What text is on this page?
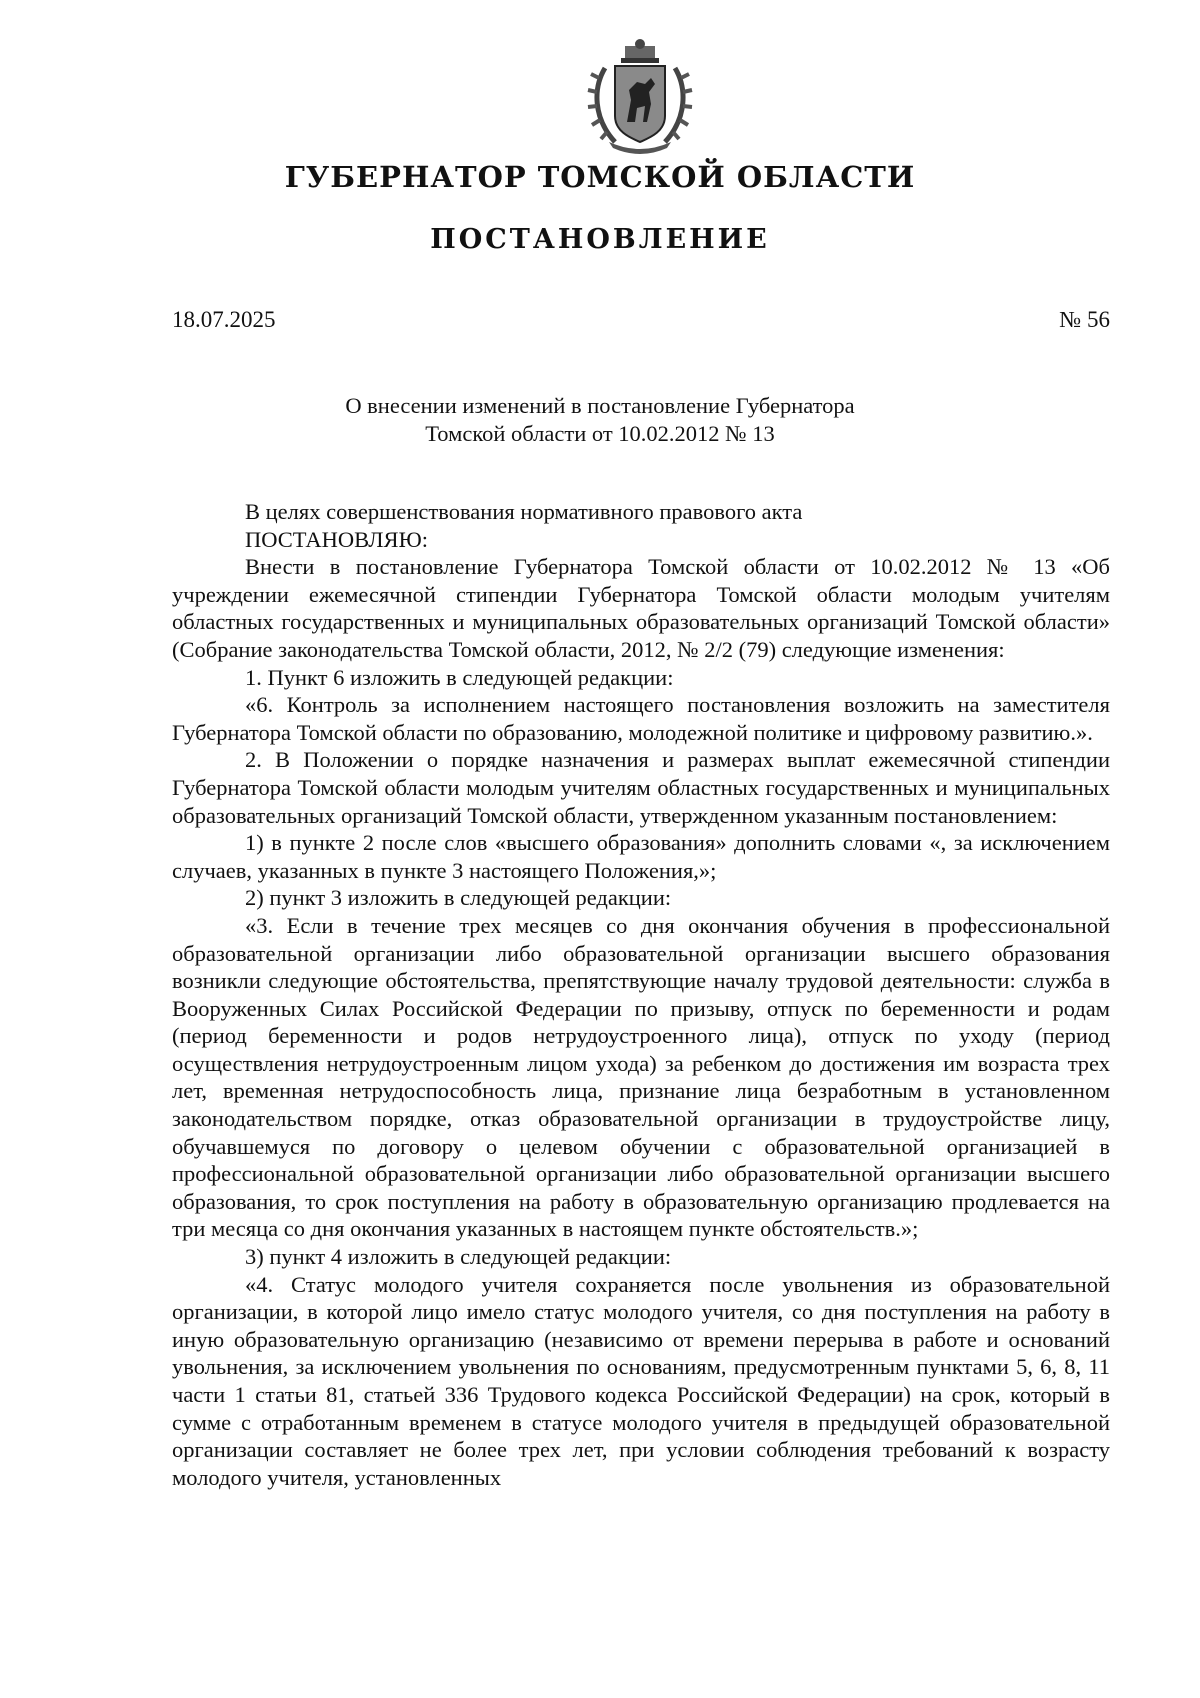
ГУБЕРНАТОР ТОМСКОЙ ОБЛАСТИ
ПОСТАНОВЛЕНИЕ
18.07.2025	№ 56
О внесении изменений в постановление Губернатора
Томской области от 10.02.2012 № 13

В целях совершенствования нормативного правового акта

ПОСТАНОВЛЯЮ:

Внести в постановление Губернатора Томской области от 10.02.2012 № 13 «Об учреждении ежемесячной стипендии Губернатора Томской области молодым учителям областных государственных и муниципальных образовательных организаций Томской области» (Собрание законодательства Томской области, 2012, № 2/2 (79) следующие изменения:

1. Пункт 6 изложить в следующей редакции:

«6. Контроль за исполнением настоящего постановления возложить на заместителя Губернатора Томской области по образованию, молодежной политике и цифровому развитию.».

2. В Положении о порядке назначения и размерах выплат ежемесячной стипендии Губернатора Томской области молодым учителям областных государственных и муниципальных образовательных организаций Томской области, утвержденном указанным постановлением:

1) в пункте 2 после слов «высшего образования» дополнить словами «, за исключением случаев, указанных в пункте 3 настоящего Положения,»;

2) пункт 3 изложить в следующей редакции:

«3. Если в течение трех месяцев со дня окончания обучения в профессиональной образовательной организации либо образовательной организации высшего образования возникли следующие обстоятельства, препятствующие началу трудовой деятельности: служба в Вооруженных Силах Российской Федерации по призыву, отпуск по беременности и родам (период беременности и родов нетрудоустроенного лица), отпуск по уходу (период осуществления нетрудоустроенным лицом ухода) за ребенком до достижения им возраста трех лет, временная нетрудоспособность лица, признание лица безработным в установленном законодательством порядке, отказ образовательной организации в трудоустройстве лицу, обучавшемуся по договору о целевом обучении с образовательной организацией в профессиональной образовательной организации либо образовательной организации высшего образования, то срок поступления на работу в образовательную организацию продлевается на три месяца со дня окончания указанных в настоящем пункте обстоятельств.»;

3) пункт 4 изложить в следующей редакции:

«4. Статус молодого учителя сохраняется после увольнения из образовательной организации, в которой лицо имело статус молодого учителя, со дня поступления на работу в иную образовательную организацию (независимо от времени перерыва в работе и оснований увольнения, за исключением увольнения по основаниям, предусмотренным пунктами 5, 6, 8, 11 части 1 статьи 81, статьей 336 Трудового кодекса Российской Федерации) на срок, который в сумме с отработанным временем в статусе молодого учителя в предыдущей образовательной организации составляет не более трех лет, при условии соблюдения требований к возрасту молодого учителя, установленных
